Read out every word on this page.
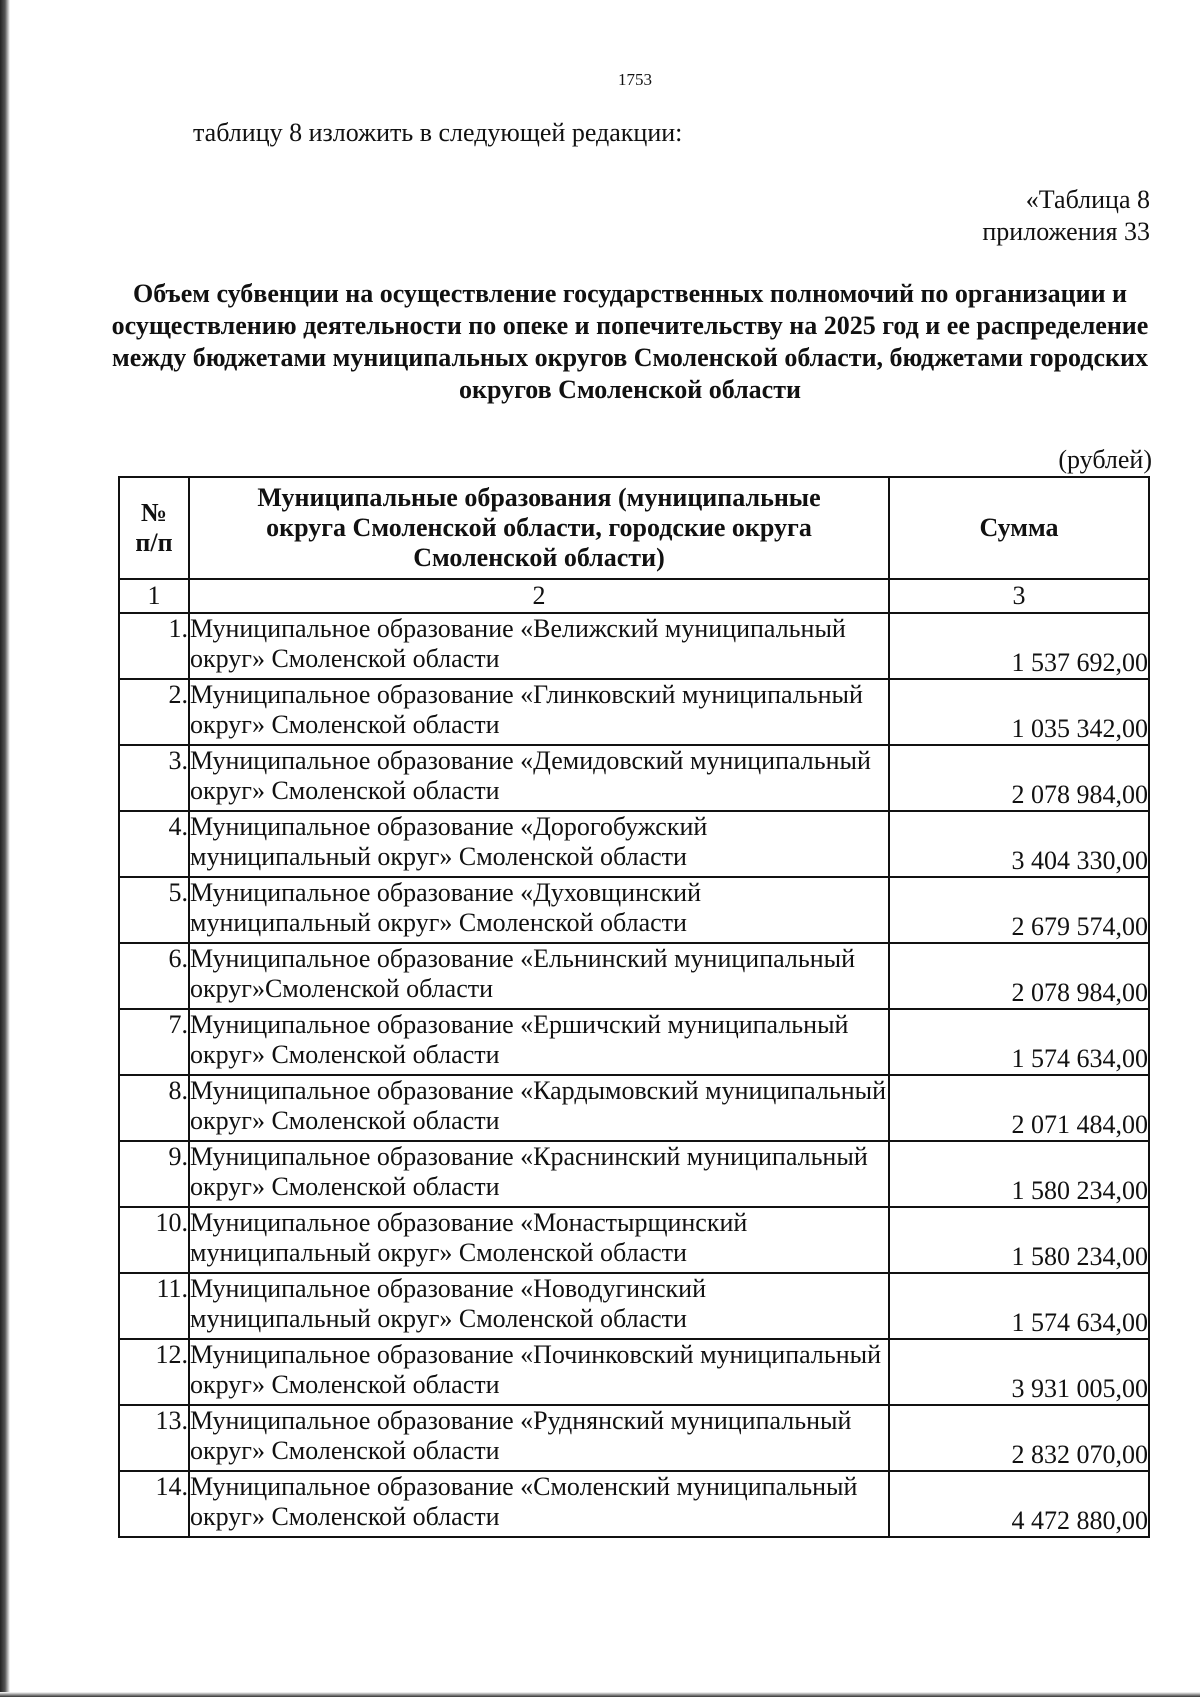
1753
таблицу 8 изложить в следующей редакции:
«Таблица 8
приложения 33
Объем субвенции на осуществление государственных полномочий по организации и осуществлению деятельности по опеке и попечительству на 2025 год и ее распределение между бюджетами муниципальных округов Смоленской области, бюджетами городских округов Смоленской области
(рублей)
№ п/п	Муниципальные образования (муниципальные округа Смоленской области, городские округа Смоленской области)	Сумма
1	2	3
1.	Муниципальное образование «Велижский муниципальный округ» Смоленской области	1 537 692,00
2.	Муниципальное образование «Глинковский муниципальный округ» Смоленской области	1 035 342,00
3.	Муниципальное образование «Демидовский муниципальный округ» Смоленской области	2 078 984,00
4.	Муниципальное образование «Дорогобужский муниципальный округ» Смоленской области	3 404 330,00
5.	Муниципальное образование «Духовщинский муниципальный округ» Смоленской области	2 679 574,00
6.	Муниципальное образование «Ельнинский муниципальный округ»Смоленской области	2 078 984,00
7.	Муниципальное образование «Ершичский муниципальный округ» Смоленской области	1 574 634,00
8.	Муниципальное образование «Кардымовский муниципальный округ» Смоленской области	2 071 484,00
9.	Муниципальное образование «Краснинский муниципальный округ» Смоленской области	1 580 234,00
10.	Муниципальное образование «Монастырщинский муниципальный округ» Смоленской области	1 580 234,00
11.	Муниципальное образование «Новодугинский муниципальный округ» Смоленской области	1 574 634,00
12.	Муниципальное образование «Починковский муниципальный округ» Смоленской области	3 931 005,00
13.	Муниципальное образование «Руднянский муниципальный округ» Смоленской области	2 832 070,00
14.	Муниципальное образование «Смоленский муниципальный округ» Смоленской области	4 472 880,00
